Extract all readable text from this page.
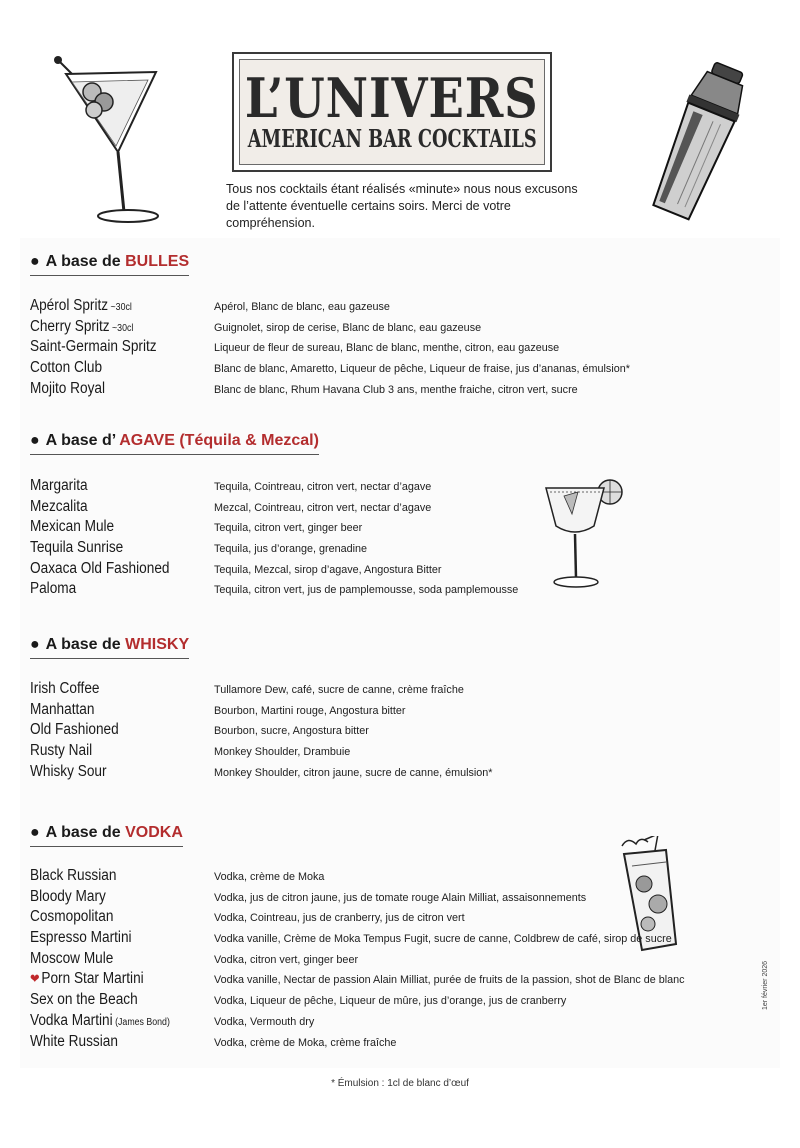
L’UNIVERS
AMERICAN BAR COCKTAILS
Tous nos cocktails étant réalisés «minute» nous nous excusons de l’attente éventuelle certains soirs. Merci de votre compréhension.
● A base de BULLES
Apérol Spritz ~30cl	Apérol, Blanc de blanc, eau gazeuse
Cherry Spritz ~30cl	Guignolet, sirop de cerise, Blanc de blanc, eau gazeuse
Saint-Germain Spritz	Liqueur de fleur de sureau, Blanc de blanc, menthe, citron, eau gazeuse
Cotton Club	Blanc de blanc, Amaretto, Liqueur de pêche, Liqueur de fraise, jus d’ananas, émulsion*
Mojito Royal	Blanc de blanc, Rhum Havana Club 3 ans, menthe fraiche, citron vert, sucre
● A base d’ AGAVE (Téquila & Mezcal)
Margarita	Tequila, Cointreau, citron vert, nectar d’agave
Mezcalita	Mezcal, Cointreau, citron vert, nectar d’agave
Mexican Mule	Tequila, citron vert, ginger beer
Tequila Sunrise	Tequila, jus d’orange, grenadine
Oaxaca Old Fashioned	Tequila, Mezcal, sirop d’agave, Angostura Bitter
Paloma	Tequila, citron vert, jus de pamplemousse, soda pamplemousse
● A base de WHISKY
Irish Coffee	Tullamore Dew, café, sucre de canne, crème fraîche
Manhattan	Bourbon, Martini rouge, Angostura bitter
Old Fashioned	Bourbon, sucre, Angostura bitter
Rusty Nail	Monkey Shoulder, Drambuie
Whisky Sour	Monkey Shoulder, citron jaune, sucre de canne, émulsion*
● A base de VODKA
Black Russian	Vodka, crème de Moka
Bloody Mary	Vodka, jus de citron jaune, jus de tomate rouge Alain Milliat, assaisonnements
Cosmopolitan	Vodka, Cointreau, jus de cranberry, jus de citron vert
Espresso Martini	Vodka vanille, Crème de Moka Tempus Fugit, sucre de canne, Coldbrew de café, sirop de sucre
Moscow Mule	Vodka, citron vert, ginger beer
❤ Porn Star Martini	Vodka vanille, Nectar de passion Alain Milliat, purée de fruits de la passion, shot de Blanc de blanc
Sex on the Beach	Vodka, Liqueur de pêche, Liqueur de mûre, jus d’orange, jus de cranberry
Vodka Martini (James Bond)	Vodka, Vermouth dry
White Russian	Vodka, crème de Moka, crème fraîche
1er février 2026
* Émulsion : 1cl de blanc d’œuf
